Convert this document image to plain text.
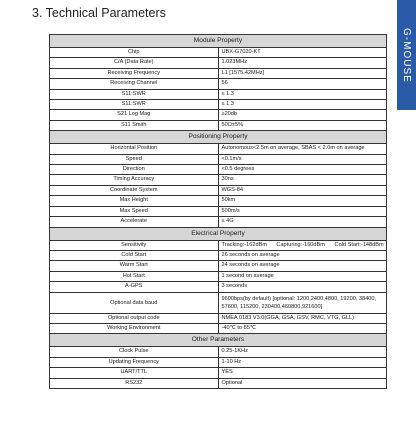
3. Technical Parameters
G-MOUSE
Module Property	
Chip	UBX-G7020-KT
C/A (Data Rate)	1.023MHz
Receiving Frequency	L1 [1575.42MHz]
Receiving Channel	56
S11:SWR	≤ 1.3
S11:SWR	≤ 1.3
S21 Log Mag	≥20db
S11 Smith	50Ω±5%
Positioning Property	
Horizontal Position	Autonomous<2.5m on average, SBAS < 2.0m on average
Speed	<0.1m/s
Direction	<0.5 degrees
Timing Accuracy	30ns
Coordinate System	WGS-84
Max Height	50km
Max Speed	500m/s
Accelerate	≤ 4G
Electrical Property	
Sensitivity	Tracking:-162dBm Capturing:-160dBm Cold Start:-148dBm
Cold Start	26 seconds on average
Warm Start	24 seconds on average
Hot Start	1 second on average
A-GPS	3 seconds
Optional data baud	9600bps(by default) [optional: 1200,2400,4800, 19200, 38400, 57600, 115200, 230400,460800,921600]
Optional output code	NMEA 0183 V3.0(GGA, GSA, GSV, RMC, VTG, GLL)
Working Environment	-40℃ to 85℃
Other Parameters	
Clock Pulse	0.25-1KHz
Updating Frequency	1-10 Hz
UART/TTL	YES
RS232	Optional
